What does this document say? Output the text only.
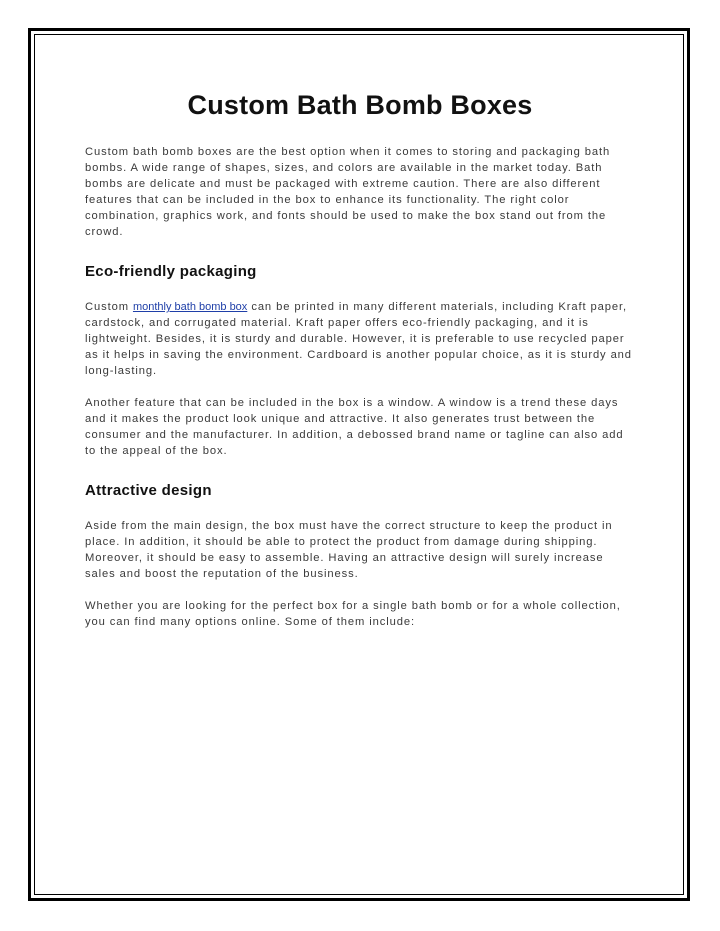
Custom Bath Bomb Boxes

Custom bath bomb boxes are the best option when it comes to storing and packaging bath bombs. A wide range of shapes, sizes, and colors are available in the market today. Bath bombs are delicate and must be packaged with extreme caution. There are also different features that can be included in the box to enhance its functionality. The right color combination, graphics work, and fonts should be used to make the box stand out from the crowd.

Eco-friendly packaging

Custom monthly bath bomb box can be printed in many different materials, including Kraft paper, cardstock, and corrugated material. Kraft paper offers eco-friendly packaging, and it is lightweight. Besides, it is sturdy and durable. However, it is preferable to use recycled paper as it helps in saving the environment. Cardboard is another popular choice, as it is sturdy and long-lasting.

Another feature that can be included in the box is a window. A window is a trend these days and it makes the product look unique and attractive. It also generates trust between the consumer and the manufacturer. In addition, a debossed brand name or tagline can also add to the appeal of the box.

Attractive design

Aside from the main design, the box must have the correct structure to keep the product in place. In addition, it should be able to protect the product from damage during shipping. Moreover, it should be easy to assemble. Having an attractive design will surely increase sales and boost the reputation of the business.

Whether you are looking for the perfect box for a single bath bomb or for a whole collection, you can find many options online. Some of them include:
